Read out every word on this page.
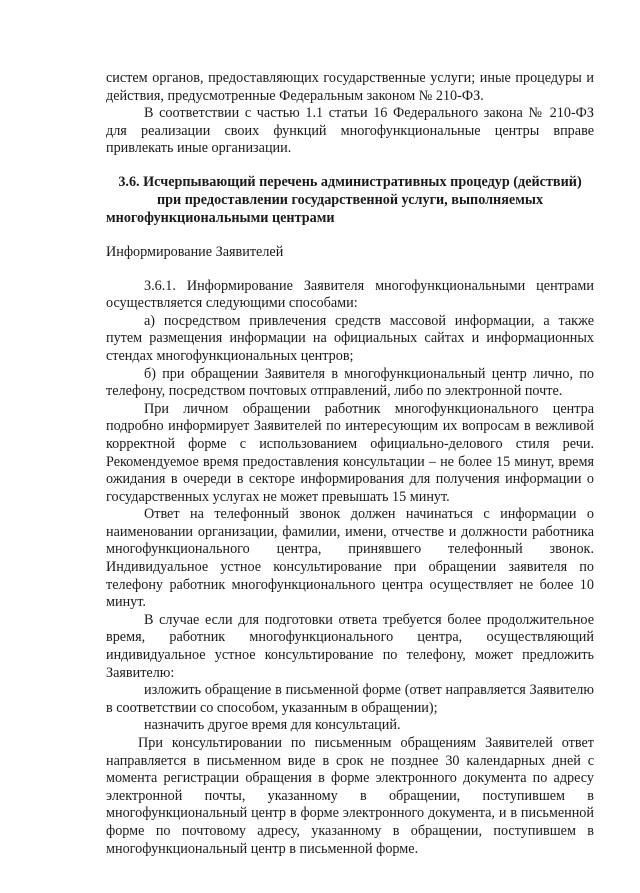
систем органов, предоставляющих государственные услуги; иные процедуры и действия, предусмотренные Федеральным законом № 210-ФЗ.

В соответствии с частью 1.1 статьи 16 Федерального закона № 210-ФЗ для реализации своих функций многофункциональные центры вправе привлекать иные организации.

3.6. Исчерпывающий перечень административных процедур (действий) при предоставлении государственной услуги, выполняемых многофункциональными центрами

Информирование Заявителей

3.6.1. Информирование Заявителя многофункциональными центрами осуществляется следующими способами:

а) посредством привлечения средств массовой информации, а также путем размещения информации на официальных сайтах и информационных стендах многофункциональных центров;

б) при обращении Заявителя в многофункциональный центр лично, по телефону, посредством почтовых отправлений, либо по электронной почте.

При личном обращении работник многофункционального центра подробно информирует Заявителей по интересующим их вопросам в вежливой корректной форме с использованием официально-делового стиля речи. Рекомендуемое время предоставления консультации – не более 15 минут, время ожидания в очереди в секторе информирования для получения информации о государственных услугах не может превышать 15 минут.

Ответ на телефонный звонок должен начинаться с информации о наименовании организации, фамилии, имени, отчестве и должности работника многофункционального центра, принявшего телефонный звонок. Индивидуальное устное консультирование при обращении заявителя по телефону работник многофункционального центра осуществляет не более 10 минут.

В случае если для подготовки ответа требуется более продолжительное время, работник многофункционального центра, осуществляющий индивидуальное устное консультирование по телефону, может предложить Заявителю:

изложить обращение в письменной форме (ответ направляется Заявителю в соответствии со способом, указанным в обращении);

назначить другое время для консультаций.

При консультировании по письменным обращениям Заявителей ответ направляется в письменном виде в срок не позднее 30 календарных дней с момента регистрации обращения в форме электронного документа по адресу электронной почты, указанному в обращении, поступившем в многофункциональный центр в форме электронного документа, и в письменной форме по почтовому адресу, указанному в обращении, поступившем в многофункциональный центр в письменной форме.
